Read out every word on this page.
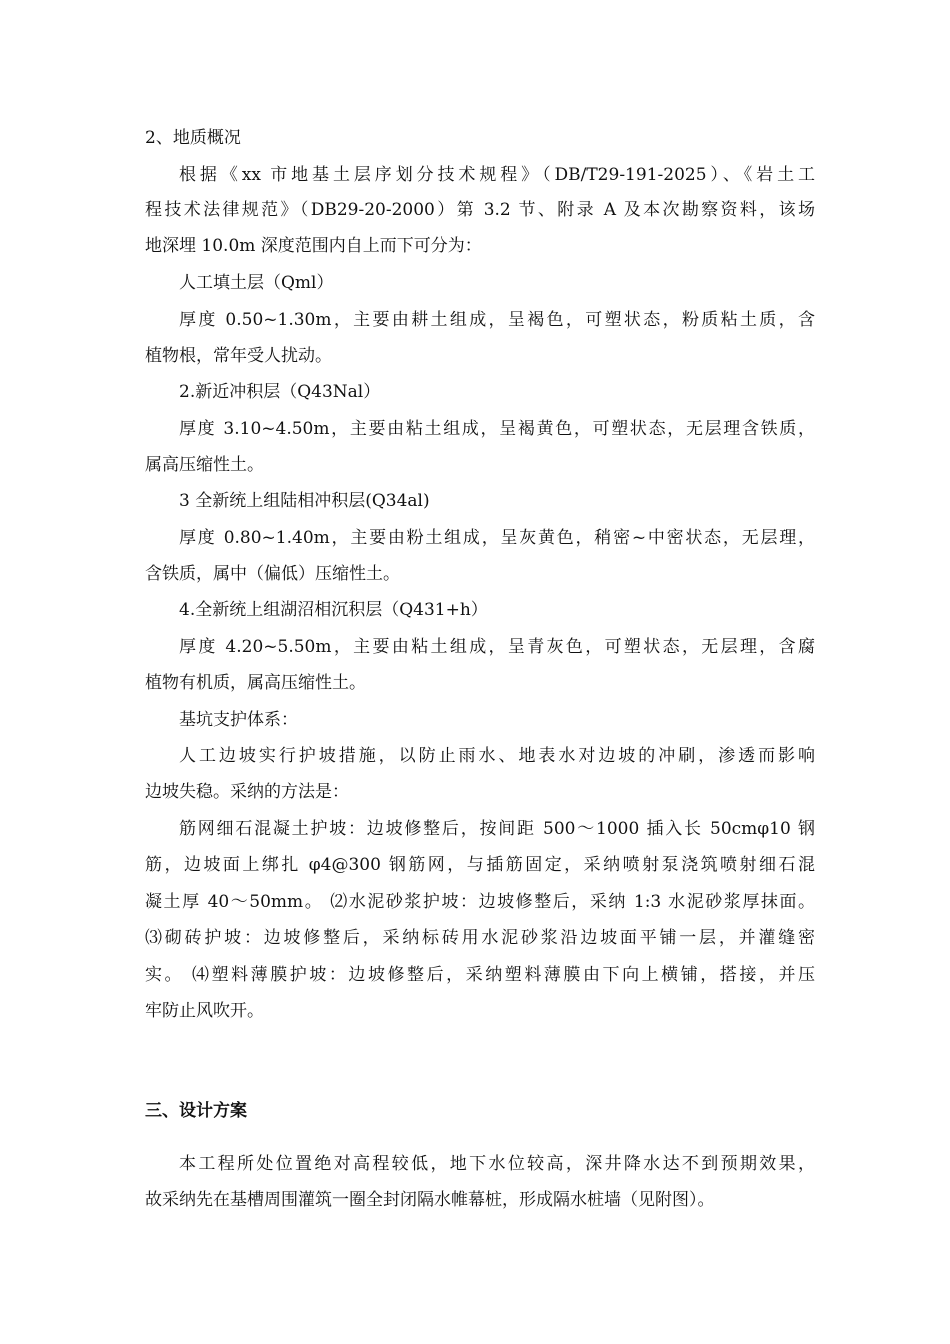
2、地质概况
根据《xx 市地基土层序划分技术规程》（DB/T29-191-2025）、《岩土工
程技术法律规范》（DB29-20-2000）第 3.2 节、附录 A 及本次勘察资料，该场
地深埋 10.0m 深度范围内自上而下可分为：
人工填土层（Qml）
厚度 0.50~1.30m，主要由耕土组成，呈褐色，可塑状态，粉质粘土质，含
植物根，常年受人扰动。
2.新近冲积层（Q43Nal）
厚度 3.10~4.50m，主要由粘土组成，呈褐黄色，可塑状态，无层理含铁质，
属高压缩性土。
3 全新统上组陆相冲积层(Q34al)
厚度 0.80~1.40m，主要由粉土组成，呈灰黄色，稍密~中密状态，无层理，
含铁质，属中（偏低）压缩性土。
4.全新统上组湖沼相沉积层（Q431+h）
厚度 4.20~5.50m，主要由粘土组成，呈青灰色，可塑状态，无层理，含腐
植物有机质，属高压缩性土。
基坑支护体系：
人工边坡实行护坡措施，以防止雨水、地表水对边坡的冲刷，渗透而影响
边坡失稳。采纳的方法是：
筋网细石混凝土护坡：边坡修整后，按间距 500～1000 插入长 50cmφ10 钢
筋，边坡面上绑扎 φ4@300 钢筋网，与插筋固定，采纳喷射泵浇筑喷射细石混
凝土厚 40～50mm。 ⑵水泥砂浆护坡：边坡修整后，采纳 1:3 水泥砂浆厚抹面。
⑶砌砖护坡：边坡修整后，采纳标砖用水泥砂浆沿边坡面平铺一层，并灌缝密
实。 ⑷塑料薄膜护坡：边坡修整后，采纳塑料薄膜由下向上横铺，搭接，并压
牢防止风吹开。
三、设计方案
本工程所处位置绝对高程较低，地下水位较高，深井降水达不到预期效果，
故采纳先在基槽周围灌筑一圈全封闭隔水帷幕桩，形成隔水桩墙（见附图）。
